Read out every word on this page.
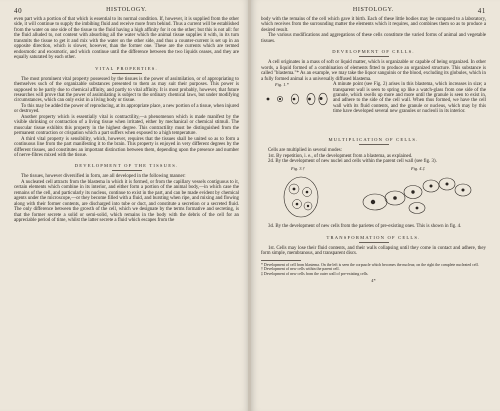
40	HISTOLOGY.

even part with a portion of that which is essential to its normal condition. If, however, it is supplied from the other side, it will continue to supply the imbibing fluid and receive more from behind. Thus a current will be established from the water on one side of the tissue to the fluid having a high affinity for it on the other; but this is not all: for the fluid alluded to, not content with absorbing all the water which the animal tissue supplies it with, in its turn transmits the tissue to get it and mix with the water on the other side, and thus a counter-current is set up in an opposite direction, which is slower, however, than the former one. These are the currents which are termed endosmotic and exosmotic, and which continue until the difference between the two liquids ceases, and they are equally saturated by each other.

VITAL PROPERTIES.

The most prominent vital property possessed by the tissues is the power of assimilation, or of appropriating to themselves such of the organizable substances presented to them as may suit their purposes. This power is supposed to be partly due to chemical affinity, and partly to vital affinity. It is most probably, however, that future researches will prove that the power of assimilating is subject to the ordinary chemical laws, but under modifying circumstances, which can only exist in a living body or tissue.

To this may be added the power of reproducing, at its appropriate place, a new portion of a tissue, when injured or destroyed.

Another property which is essentially vital is contractility,—a phenomenon which is made manifest by the visible shrinking or contraction of a living tissue when irritated, either by mechanical or chemical stimuli. The muscular tissue exhibits this property in the highest degree. This contractility must be distinguished from the permanent contraction or crispation which a part suffers when exposed to a high temperature.

A third vital property is sensibility, which, however, requires that the tissues shall be united so as to form a continuous line from the part manifesting it to the brain. This property is enjoyed in very different degrees by the different tissues, and constitutes an important distinction between them, depending upon the presence and number of nerve-fibres mixed with the tissue.

DEVELOPMENT OF THE TISSUES.

The tissues, however diversified in form, are all developed in the following manner:

A nucleated cell attracts from the blastema in which it is formed, or from the capillary vessels contiguous to it, certain elements which combine in its interior, and either form a portion of the animal body,—in which case the remains of the cell, and particularly its nucleus, continue to exist in the part, and can be made evident by chemical agents under the microscope,—or they become filled with a fluid, and bursting when ripe, and mixing and flowing along with their former contents, are discharged into tube or duct, and constitute a secretion or a secreted fluid. The only difference between the growth of the cell, which we designate by the terms formative and secreting, is that the former secrete a solid or semi-solid, which remains in the body with the debris of the cell for an appreciable period of time, whilst the latter secrete a fluid which escapes from the

HISTOLOGY.	41

body with the remains of the cell which gave it birth. Each of these little bodies may be compared to a laboratory, which receives from the surrounding matter the elements which it requires, and combines them so as to produce a desired result.

The various modifications and aggregations of these cells constitute the varied forms of animal and vegetable tissues.

DEVELOPMENT OF CELLS.

A cell originates in a mass of soft or liquid matter, which is organizable or capable of being organized. In other words, a liquid formed of a combination of elements fitted to produce an organized structure. This substance is called "blastema."* As an example, we may take the liquor sanguinis or the blood, excluding its globules, which in a fully formed animal is a universally diffused blastema.

Fig. 1.*	A minute point (see Fig. 2) arises in this blastema, which increases in size; a transparent wall is seen to spring up like a watch-glass from one side of the granule, which swells up more and more until the granule is seen to exist in, and adhere to the side of the cell wall. When thus formed, we have the cell wall with its fluid contents, and the granule or nucleus, which may by this time have developed several new granules or nucleoli in its interior.

MULTIPLICATION OF CELLS.

Cells are multiplied in several modes:

1st. By repetition, i. e., of the development from a blastema, as explained.

2d. By the development of new nuclei and cells within the parent cell wall (see fig. 3).

Fig. 3.†	Fig. 4.‡

3d. By the development of new cells from the parietes of pre-existing ones. This is shown in fig. 4.

TRANSFORMATION OF CELLS.

1st. Cells may lose their fluid contents, and their walls collapsing until they come in contact and adhere, they form simple, membranous, and transparent discs.

* Development of cell from blastema. On the left is seen the corpuscle which becomes the nucleus; on the right the complete nucleated cell.

† Development of new cells within the parent cell.

‡ Development of new cells from the outer wall of pre-existing cells.

4*
